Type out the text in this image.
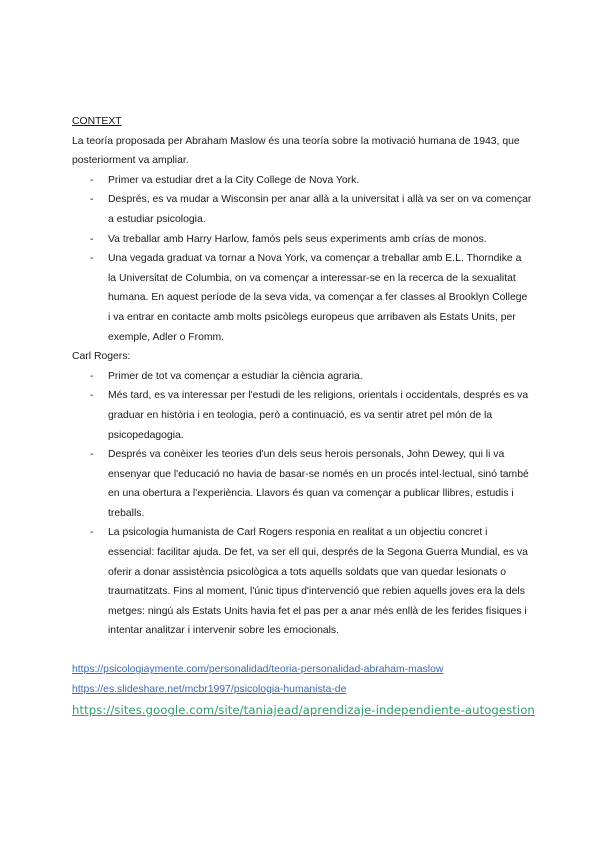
CONTEXT

La teoría proposada per Abraham Maslow és una teoría sobre la motivació humana de 1943, que posteriorment va ampliar.

- Primer va estudiar dret a la City College de Nova York.
- Després, es va mudar a Wisconsin per anar allà a la universitat i allà va ser on va començar a estudiar psicologia.
- Va treballar amb Harry Harlow, famós pels seus experiments amb crías de monos.
- Una vegada graduat va tornar a Nova York, va començar a treballar amb E.L. Thorndike a la Universitat de Columbia, on va començar a interessar-se en la recerca de la sexualitat humana. En aquest període de la seva vida, va començar a fer classes al Brooklyn College i va entrar en contacte amb molts psicòlegs europeus que arribaven als Estats Units, per exemple, Adler o Fromm.

Carl Rogers:

- Primer de tot va començar a estudiar la ciència agraria.
- Més tard, es va interessar per l'estudi de les religions, orientals i occidentals, després es va graduar en història i en teologia, però a continuació, es va sentir atret pel món de la psicopedagogia.
- Després va conèixer les teories d'un dels seus herois personals, John Dewey, qui li va ensenyar que l'educació no havia de basar-se només en un procés intel·lectual, sinó també en una obertura a l'experiència. Llavors és quan va començar a publicar llibres, estudis i treballs.
- La psicologia humanista de Carl Rogers responia en realitat a un objectiu concret i essencial: facilitar ajuda. De fet, va ser ell qui, després de la Segona Guerra Mundial, es va oferir a donar assistència psicològica a tots aquells soldats que van quedar lesionats o traumatitzats. Fins al moment, l'únic tipus d'intervenció que rebien aquells joves era la dels metges: ningú als Estats Units havia fet el pas per a anar més enllà de les ferides físiques i intentar analitzar i intervenir sobre les emocionals.
https://psicologiaymente.com/personalidad/teoria-personalidad-abraham-maslow
https://es.slideshare.net/mcbr1997/psicologia-humanista-de
https://sites.google.com/site/taniajead/aprendizaje-independiente-autogestion
